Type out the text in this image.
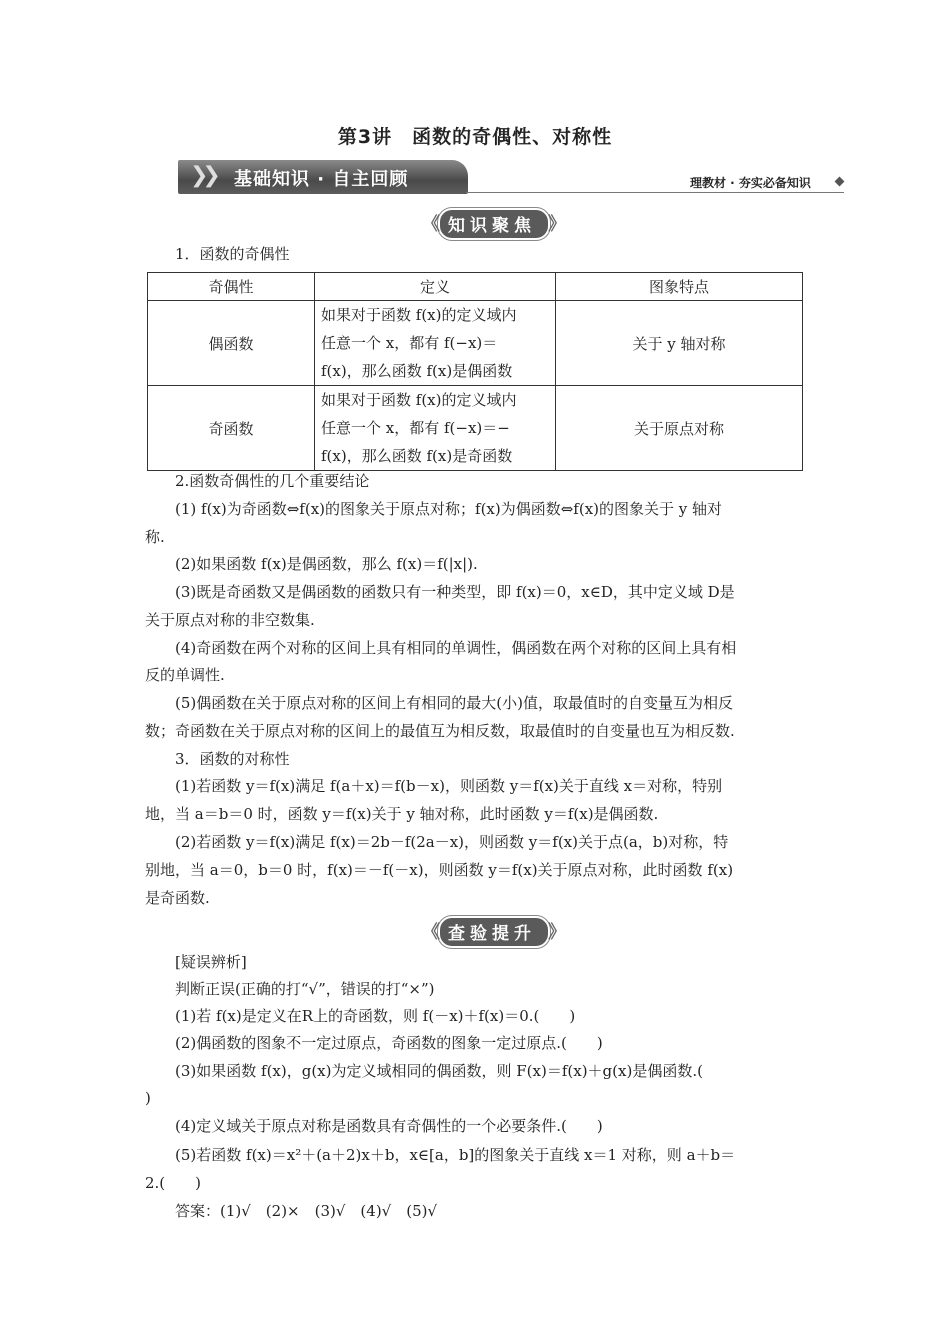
第3讲　函数的奇偶性、对称性
❯❯ 基础知识 · 自主回顾	理教材 · 夯实必备知识
《 知识聚焦 》
1．函数的奇偶性
奇偶性	定义	图象特点
偶函数	如果对于函数 f(x)的定义域内
任意一个 x，都有 f(−x)＝
f(x)，那么函数 f(x)是偶函数	关于 y 轴对称
奇函数	如果对于函数 f(x)的定义域内
任意一个 x，都有 f(−x)＝−
f(x)，那么函数 f(x)是奇函数	关于原点对称
2.函数奇偶性的几个重要结论
(1) f(x)为奇函数⇔f(x)的图象关于原点对称；f(x)为偶函数⇔f(x)的图象关于 y 轴对
称.
(2)如果函数 f(x)是偶函数，那么 f(x)＝f(|x|).
(3)既是奇函数又是偶函数的函数只有一种类型，即 f(x)＝0，x∈D，其中定义域 D是
关于原点对称的非空数集.
(4)奇函数在两个对称的区间上具有相同的单调性，偶函数在两个对称的区间上具有相
反的单调性.
(5)偶函数在关于原点对称的区间上有相同的最大(小)值，取最值时的自变量互为相反
数；奇函数在关于原点对称的区间上的最值互为相反数，取最值时的自变量也互为相反数.
3．函数的对称性
(1)若函数 y＝f(x)满足 f(a＋x)＝f(b－x)，则函数 y＝f(x)关于直线 x＝对称，特别
地，当 a＝b＝0 时，函数 y＝f(x)关于 y 轴对称，此时函数 y＝f(x)是偶函数.
(2)若函数 y＝f(x)满足 f(x)＝2b－f(2a－x)，则函数 y＝f(x)关于点(a，b)对称，特
别地，当 a＝0，b＝0 时，f(x)＝－f(－x)，则函数 y＝f(x)关于原点对称，此时函数 f(x)
是奇函数.
《 查验提升 》
[疑误辨析]
判断正误(正确的打“√”，错误的打“×”)
(1)若 f(x)是定义在R上的奇函数，则 f(－x)＋f(x)＝0.(　　)
(2)偶函数的图象不一定过原点，奇函数的图象一定过原点.(　　)
(3)如果函数 f(x)，g(x)为定义域相同的偶函数，则 F(x)＝f(x)＋g(x)是偶函数.(
)
(4)定义域关于原点对称是函数具有奇偶性的一个必要条件.(　　)
(5)若函数 f(x)＝x²＋(a＋2)x＋b，x∈[a，b]的图象关于直线 x＝1 对称，则 a＋b＝
2.(　　)
答案：(1)√　(2)×　(3)√　(4)√　(5)√
